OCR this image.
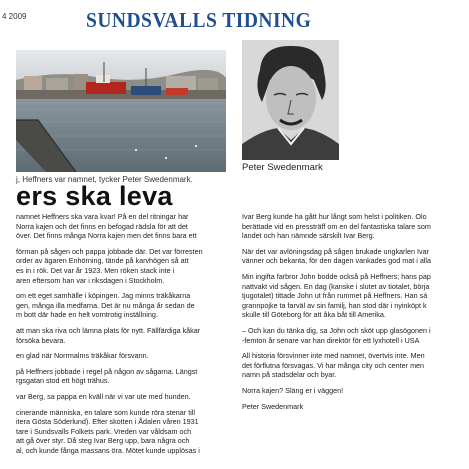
4 2009	SUNDSVALLS TIDNING
j, Heffners var namnet, tycker Peter Swedenmark.
Peter Swedenmark
ers ska leva

namnet Heffners ska vara kvar! På en del ritningar har
Norra kajen och det finns en befogad rädsla för att det
över. Det finns många Norra kajen men det finns bara ett

förman på sågen och pappa jobbade där. Det var förresten
order av ägaren Enhörning, tände på karvhögen så att
es in i rök. Det var år 1923. Men röken stack inte i
aren eftersom han var i riksdagen i Stockholm.

om ett eget samhälle i köpingen. Jag minns träkåkarna
gen, många illa medfarna. Det är nu många år sedan de
m bott där hade en helt vorntrotig inställning.

att man ska riva och lämna plats för nytt. Fällfärdiga kåkar
försöka bevara.

en glad när Norrmalms träkåkar försvann.

på Heffners jobbade i regel på någon av sågarna. Längst
rgsgatan stod ett högt trähus.

var Berg, sa pappa en kväll när vi var ute med hunden.

cinerande människa, en talare som kunde röra stenar till
itera Gösta Söderlund). Efter skotten i Ådalen våren 1931
tare i Sundsvalls Folkets park. Vreden var våldsam och
att gå över styr. Då steg Ivar Berg upp, bara några och
al, och kunde fånga massans öra. Mötet kunde upplösas i

Ivar Berg kunde ha gått hur långt som helst i politiken. Olo
berättade vid en pressträff om en del fantastiska talare som
landet och han nämnde särskilt Ivar Berg.

När det var avlöningsdag på sågen brukade ungkarlen Ivar
vänner och bekanta, för den dagen vankades god mat i alla

Min ingifta farbror John bodde också på Heffners; hans pap
nattvakt vid sågen. En dag (kanske i slutet av tiotalet, börja
tjugotalet) tittade John ut från rummet på Heffners. Han sá
grannpojke ta farväl av sin familj, han stod där i nyinköpt k
skulle till Göteborg för att åka båt till Amerika.

– Och kan du tänka dig, sa John och sköt upp glasögonen i
-femton år senare var han direktör för ett lyxhotell i USA

All historia försvinner inte med namnet, övertvis inte. Men
det förflutna försvagas. Vi har många city och center men
namn på stadsdelar och byar.

Norra kajen? Släng er i väggen!

Peter Swedenmark
